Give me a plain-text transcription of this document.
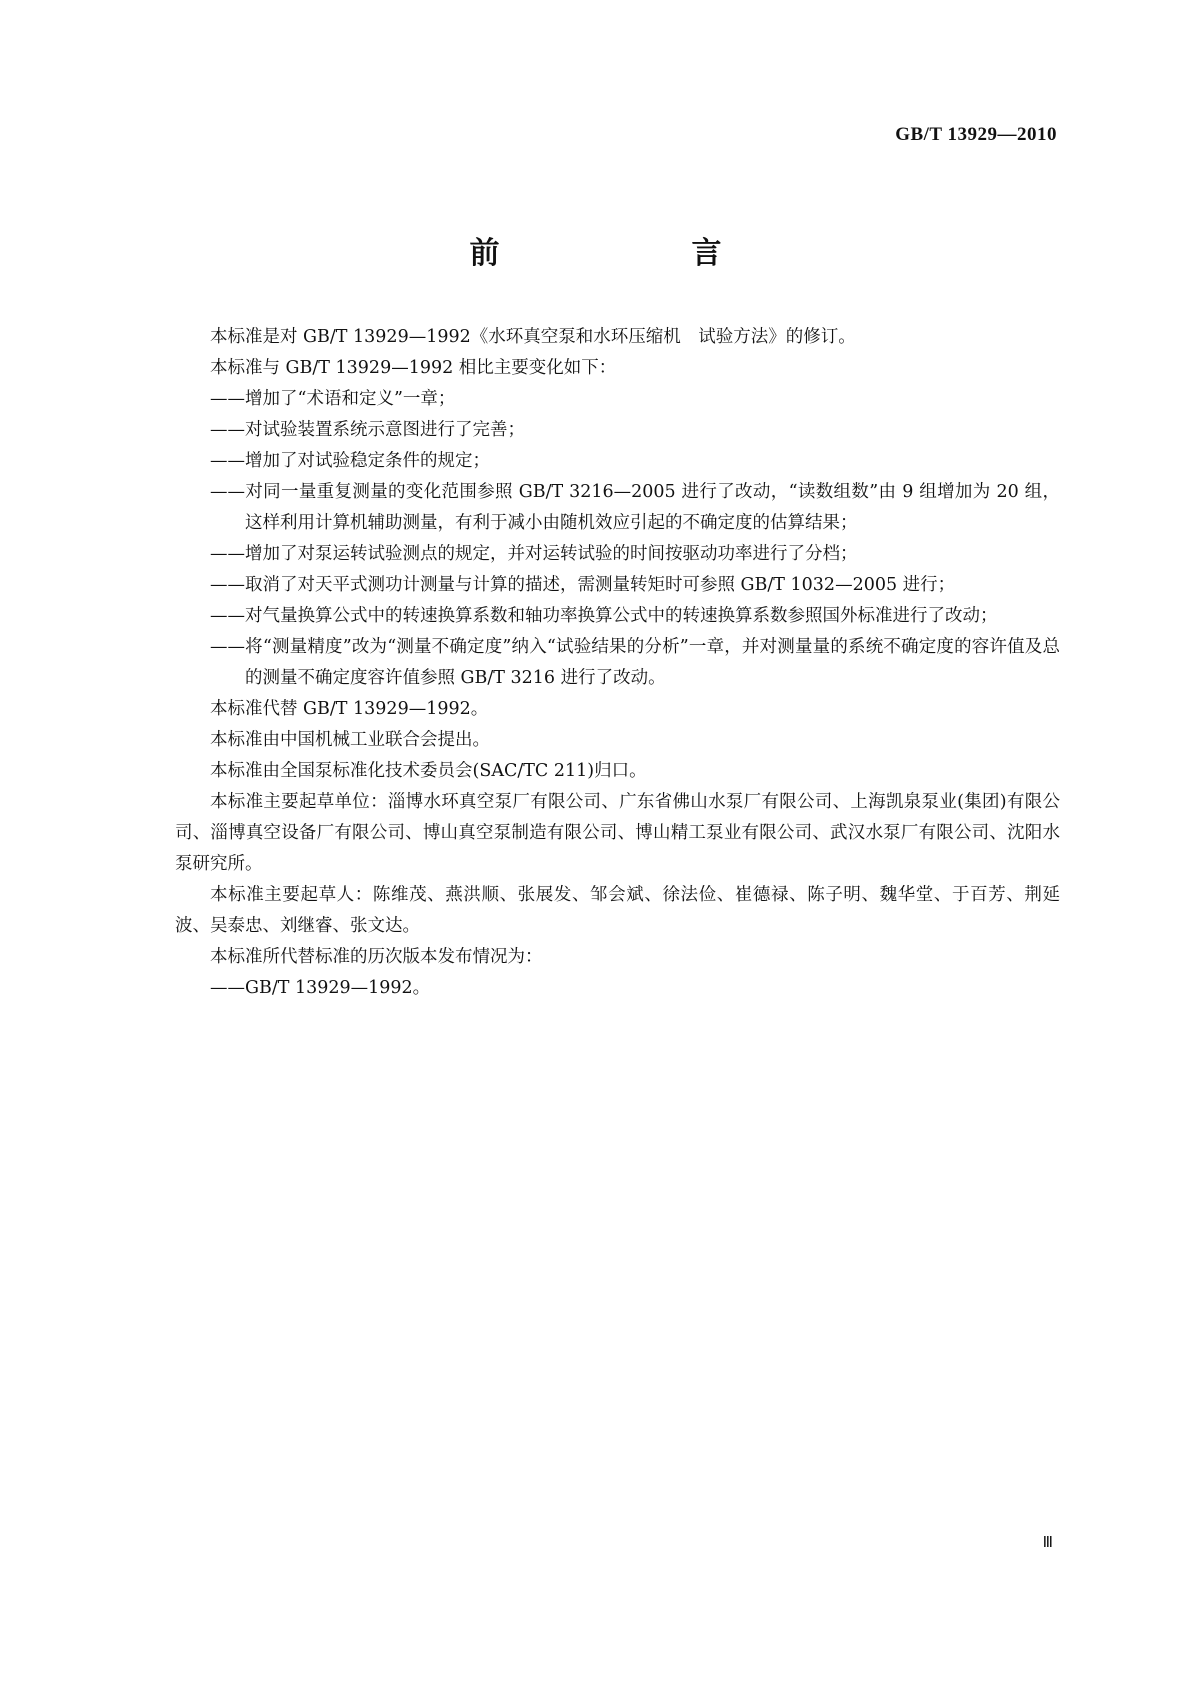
GB/T 13929—2010
前　　言

本标准是对 GB/T 13929—1992《水环真空泵和水环压缩机　试验方法》的修订。

本标准与 GB/T 13929—1992 相比主要变化如下：

——增加了“术语和定义”一章；

——对试验装置系统示意图进行了完善；

——增加了对试验稳定条件的规定；

——对同一量重复测量的变化范围参照 GB/T 3216—2005 进行了改动，“读数组数”由 9 组增加为 20 组，这样利用计算机辅助测量，有利于减小由随机效应引起的不确定度的估算结果；

——增加了对泵运转试验测点的规定，并对运转试验的时间按驱动功率进行了分档；

——取消了对天平式测功计测量与计算的描述，需测量转矩时可参照 GB/T 1032—2005 进行；

——对气量换算公式中的转速换算系数和轴功率换算公式中的转速换算系数参照国外标准进行了改动；

——将“测量精度”改为“测量不确定度”纳入“试验结果的分析”一章，并对测量量的系统不确定度的容许值及总的测量不确定度容许值参照 GB/T 3216 进行了改动。

本标准代替 GB/T 13929—1992。

本标准由中国机械工业联合会提出。

本标准由全国泵标准化技术委员会(SAC/TC 211)归口。

本标准主要起草单位：淄博水环真空泵厂有限公司、广东省佛山水泵厂有限公司、上海凯泉泵业(集团)有限公司、淄博真空设备厂有限公司、博山真空泵制造有限公司、博山精工泵业有限公司、武汉水泵厂有限公司、沈阳水泵研究所。

本标准主要起草人：陈维茂、燕洪顺、张展发、邹会斌、徐法俭、崔德禄、陈子明、魏华堂、于百芳、荆延波、吴泰忠、刘继睿、张文达。

本标准所代替标准的历次版本发布情况为：

——GB/T 13929—1992。

Ⅲ
